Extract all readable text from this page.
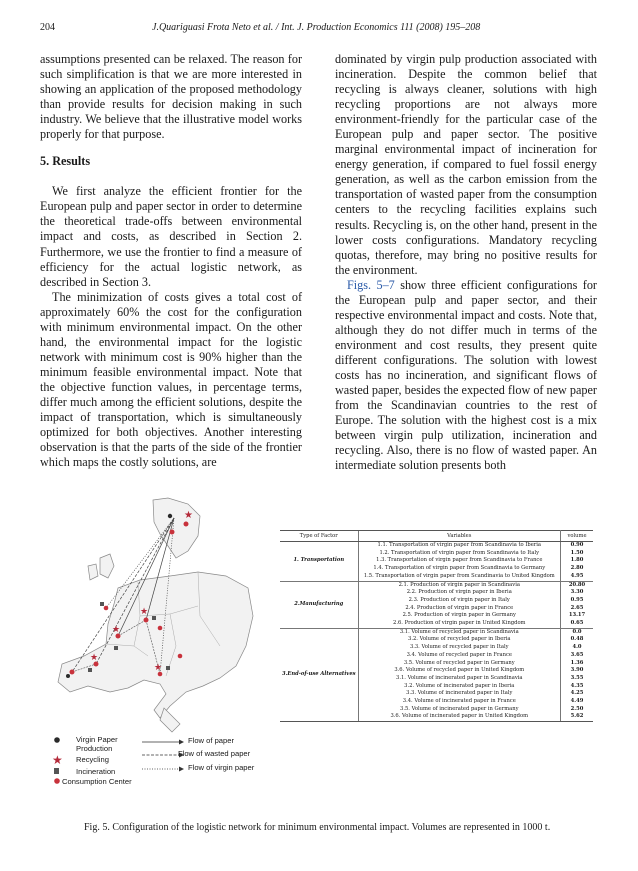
204	J.Quariguasi Frota Neto et al. / Int. J. Production Economics 111 (2008) 195–208

assumptions presented can be relaxed. The reason for such simplification is that we are more interested in showing an application of the proposed methodology than provide results for decision making in such industry. We believe that the illustrative model works properly for that purpose.

5. Results

We first analyze the efficient frontier for the European pulp and paper sector in order to determine the theoretical trade-offs between environmental impact and costs, as described in Section 2. Furthermore, we use the frontier to find a measure of efficiency for the actual logistic network, as described in Section 3.

The minimization of costs gives a total cost of approximately 60% the cost for the configuration with minimum environmental impact. On the other hand, the environmental impact for the logistic network with minimum cost is 90% higher than the minimum feasible environmental impact. Note that the objective function values, in percentage terms, differ much among the efficient solutions, despite the impact of transportation, which is simultaneously optimized for both objectives. Another interesting observation is that the parts of the side of the frontier which maps the costly solutions, are

dominated by virgin pulp production associated with incineration. Despite the common belief that recycling is always cleaner, solutions with high recycling proportions are not always more environment-friendly for the particular case of the European pulp and paper sector. The positive marginal environmental impact of incineration for energy generation, if compared to fuel fossil energy generation, as well as the carbon emission from the transportation of wasted paper from the consumption centers to the recycling facilities explains such results. Recycling is, on the other hand, present in the lower costs configurations. Mandatory recycling quotas, therefore, may bring no positive results for the environment.

Figs. 5–7 show three efficient configurations for the European pulp and paper sector, and their respective environmental impact and costs. Note that, although they do not differ much in terms of the environment and cost results, they present quite different configurations. The solution with lowest costs has no incineration, and significant flows of wasted paper, besides the expected flow of new paper from the Scandinavian countries to the rest of Europe. The solution with the highest cost is a mix between virgin pulp utilization, incineration and recycling. Also, there is no flow of wasted paper. An intermediate solution presents both

★
★
★
★
★
Virgin Paper
Production
★ Recycling
Incineration
Consumption Center
Flow of paper
Flow of wasted paper
Flow of virgin paper
Type of Factor	Variables	volume
1. Transportation	1.1. Transportation of virgin paper from Scandinavia to Iberia	0.90
	1.2. Transportation of virgin paper from Scandinavia to Italy	1.50
	1.3. Transportation of virgin paper from Scandinavia to France	1.80
	1.4. Transportation of virgin paper from Scandinavia to Germany	2.80
	1.5. Transportation of virgin paper from Scandinavia to United Kingdom	4.95
2.Manufacturing	2.1. Production of virgin paper in Scandinavia	20.80
	2.2. Production of virgin paper in Iberia	3.30
	2.3. Production of virgin paper in Italy	0.95
	2.4. Production of virgin paper in France	2.65
	2.5. Production of virgin paper in Germany	13.17
	2.6. Production of virgin paper in United Kingdom	0.65
3.End-of-use Alternatives	3.1. Volume of recycled paper in Scandinavia	0.0
	3.2. Volume of recycled paper in Iberia	0.48
	3.3. Volume of recycled paper in Italy	4.0
	3.4. Volume of recycled paper in France	3.65
	3.5. Volume of recycled paper in Germany	1.36
	3.6. Volume of recycled paper in United Kingdom	3.90
	3.1. Volume of incinerated paper in Scandinavia	3.55
	3.2. Volume of incinerated paper in Iberia	4.35
	3.3. Volume of incinerated paper in Italy	4.25
	3.4. Volume of incinerated paper in France	4.49
	3.5. Volume of incinerated paper in Germany	2.50
	3.6. Volume of incinerated paper in United Kingdom	5.62
Fig. 5. Configuration of the logistic network for minimum environmental impact. Volumes are represented in 1000 t.
